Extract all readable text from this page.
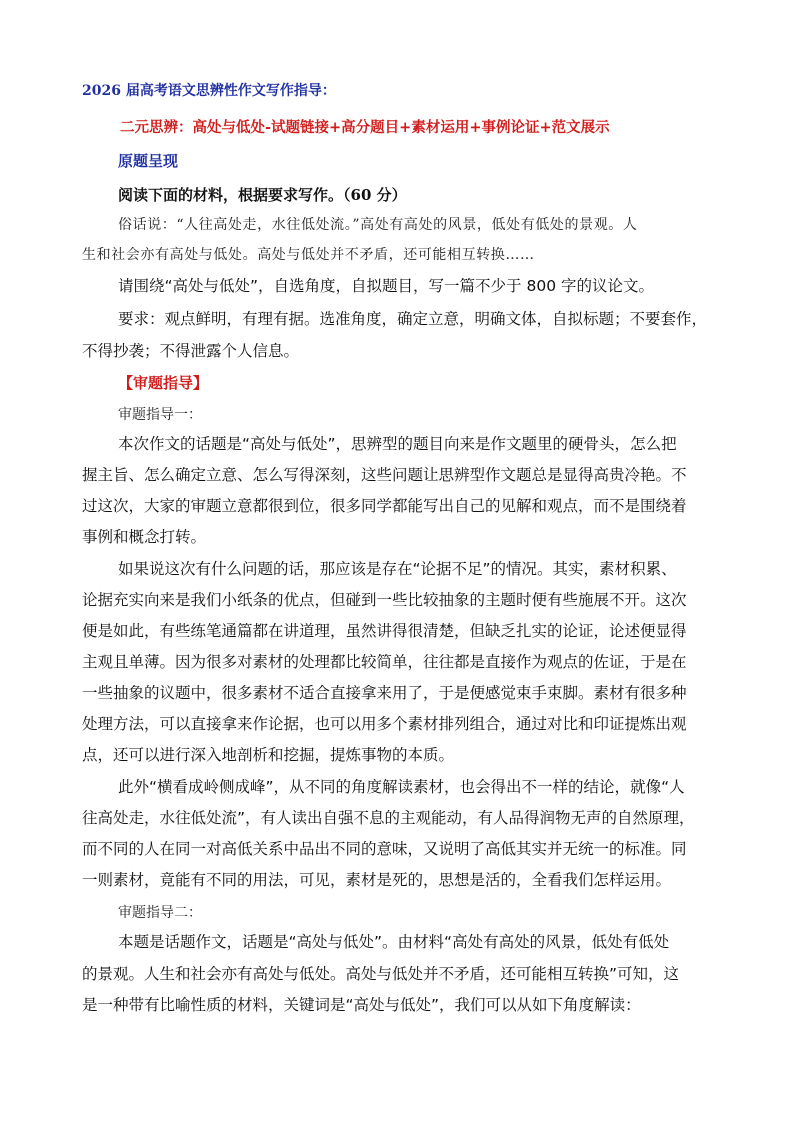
2026 届高考语文思辨性作文写作指导：
二元思辨：高处与低处-试题链接+高分题目+素材运用+事例论证+范文展示
原题呈现
阅读下面的材料，根据要求写作。（60 分）
俗话说：“人往高处走，水往低处流。”高处有高处的风景，低处有低处的景观。人
生和社会亦有高处与低处。高处与低处并不矛盾，还可能相互转换……
请围绕“高处与低处”，自选角度，自拟题目，写一篇不少于 800 字的议论文。
要求：观点鲜明，有理有据。选准角度，确定立意，明确文体，自拟标题；不要套作，
不得抄袭；不得泄露个人信息。
【审题指导】
审题指导一：
本次作文的话题是“高处与低处”，思辨型的题目向来是作文题里的硬骨头，怎么把
握主旨、怎么确定立意、怎么写得深刻，这些问题让思辨型作文题总是显得高贵冷艳。不
过这次，大家的审题立意都很到位，很多同学都能写出自己的见解和观点，而不是围绕着
事例和概念打转。
如果说这次有什么问题的话，那应该是存在“论据不足”的情况。其实，素材积累、
论据充实向来是我们小纸条的优点，但碰到一些比较抽象的主题时便有些施展不开。这次
便是如此，有些练笔通篇都在讲道理，虽然讲得很清楚，但缺乏扎实的论证，论述便显得
主观且单薄。因为很多对素材的处理都比较简单，往往都是直接作为观点的佐证，于是在
一些抽象的议题中，很多素材不适合直接拿来用了，于是便感觉束手束脚。素材有很多种
处理方法，可以直接拿来作论据，也可以用多个素材排列组合，通过对比和印证提炼出观
点，还可以进行深入地剖析和挖掘，提炼事物的本质。
此外“横看成岭侧成峰”，从不同的角度解读素材，也会得出不一样的结论，就像“人
往高处走，水往低处流”，有人读出自强不息的主观能动，有人品得润物无声的自然原理，
而不同的人在同一对高低关系中品出不同的意味，又说明了高低其实并无统一的标准。同
一则素材，竟能有不同的用法，可见，素材是死的，思想是活的，全看我们怎样运用。
审题指导二：
本题是话题作文，话题是“高处与低处”。由材料“高处有高处的风景，低处有低处
的景观。人生和社会亦有高处与低处。高处与低处并不矛盾，还可能相互转换”可知，这
是一种带有比喻性质的材料，关键词是“高处与低处”，我们可以从如下角度解读：
